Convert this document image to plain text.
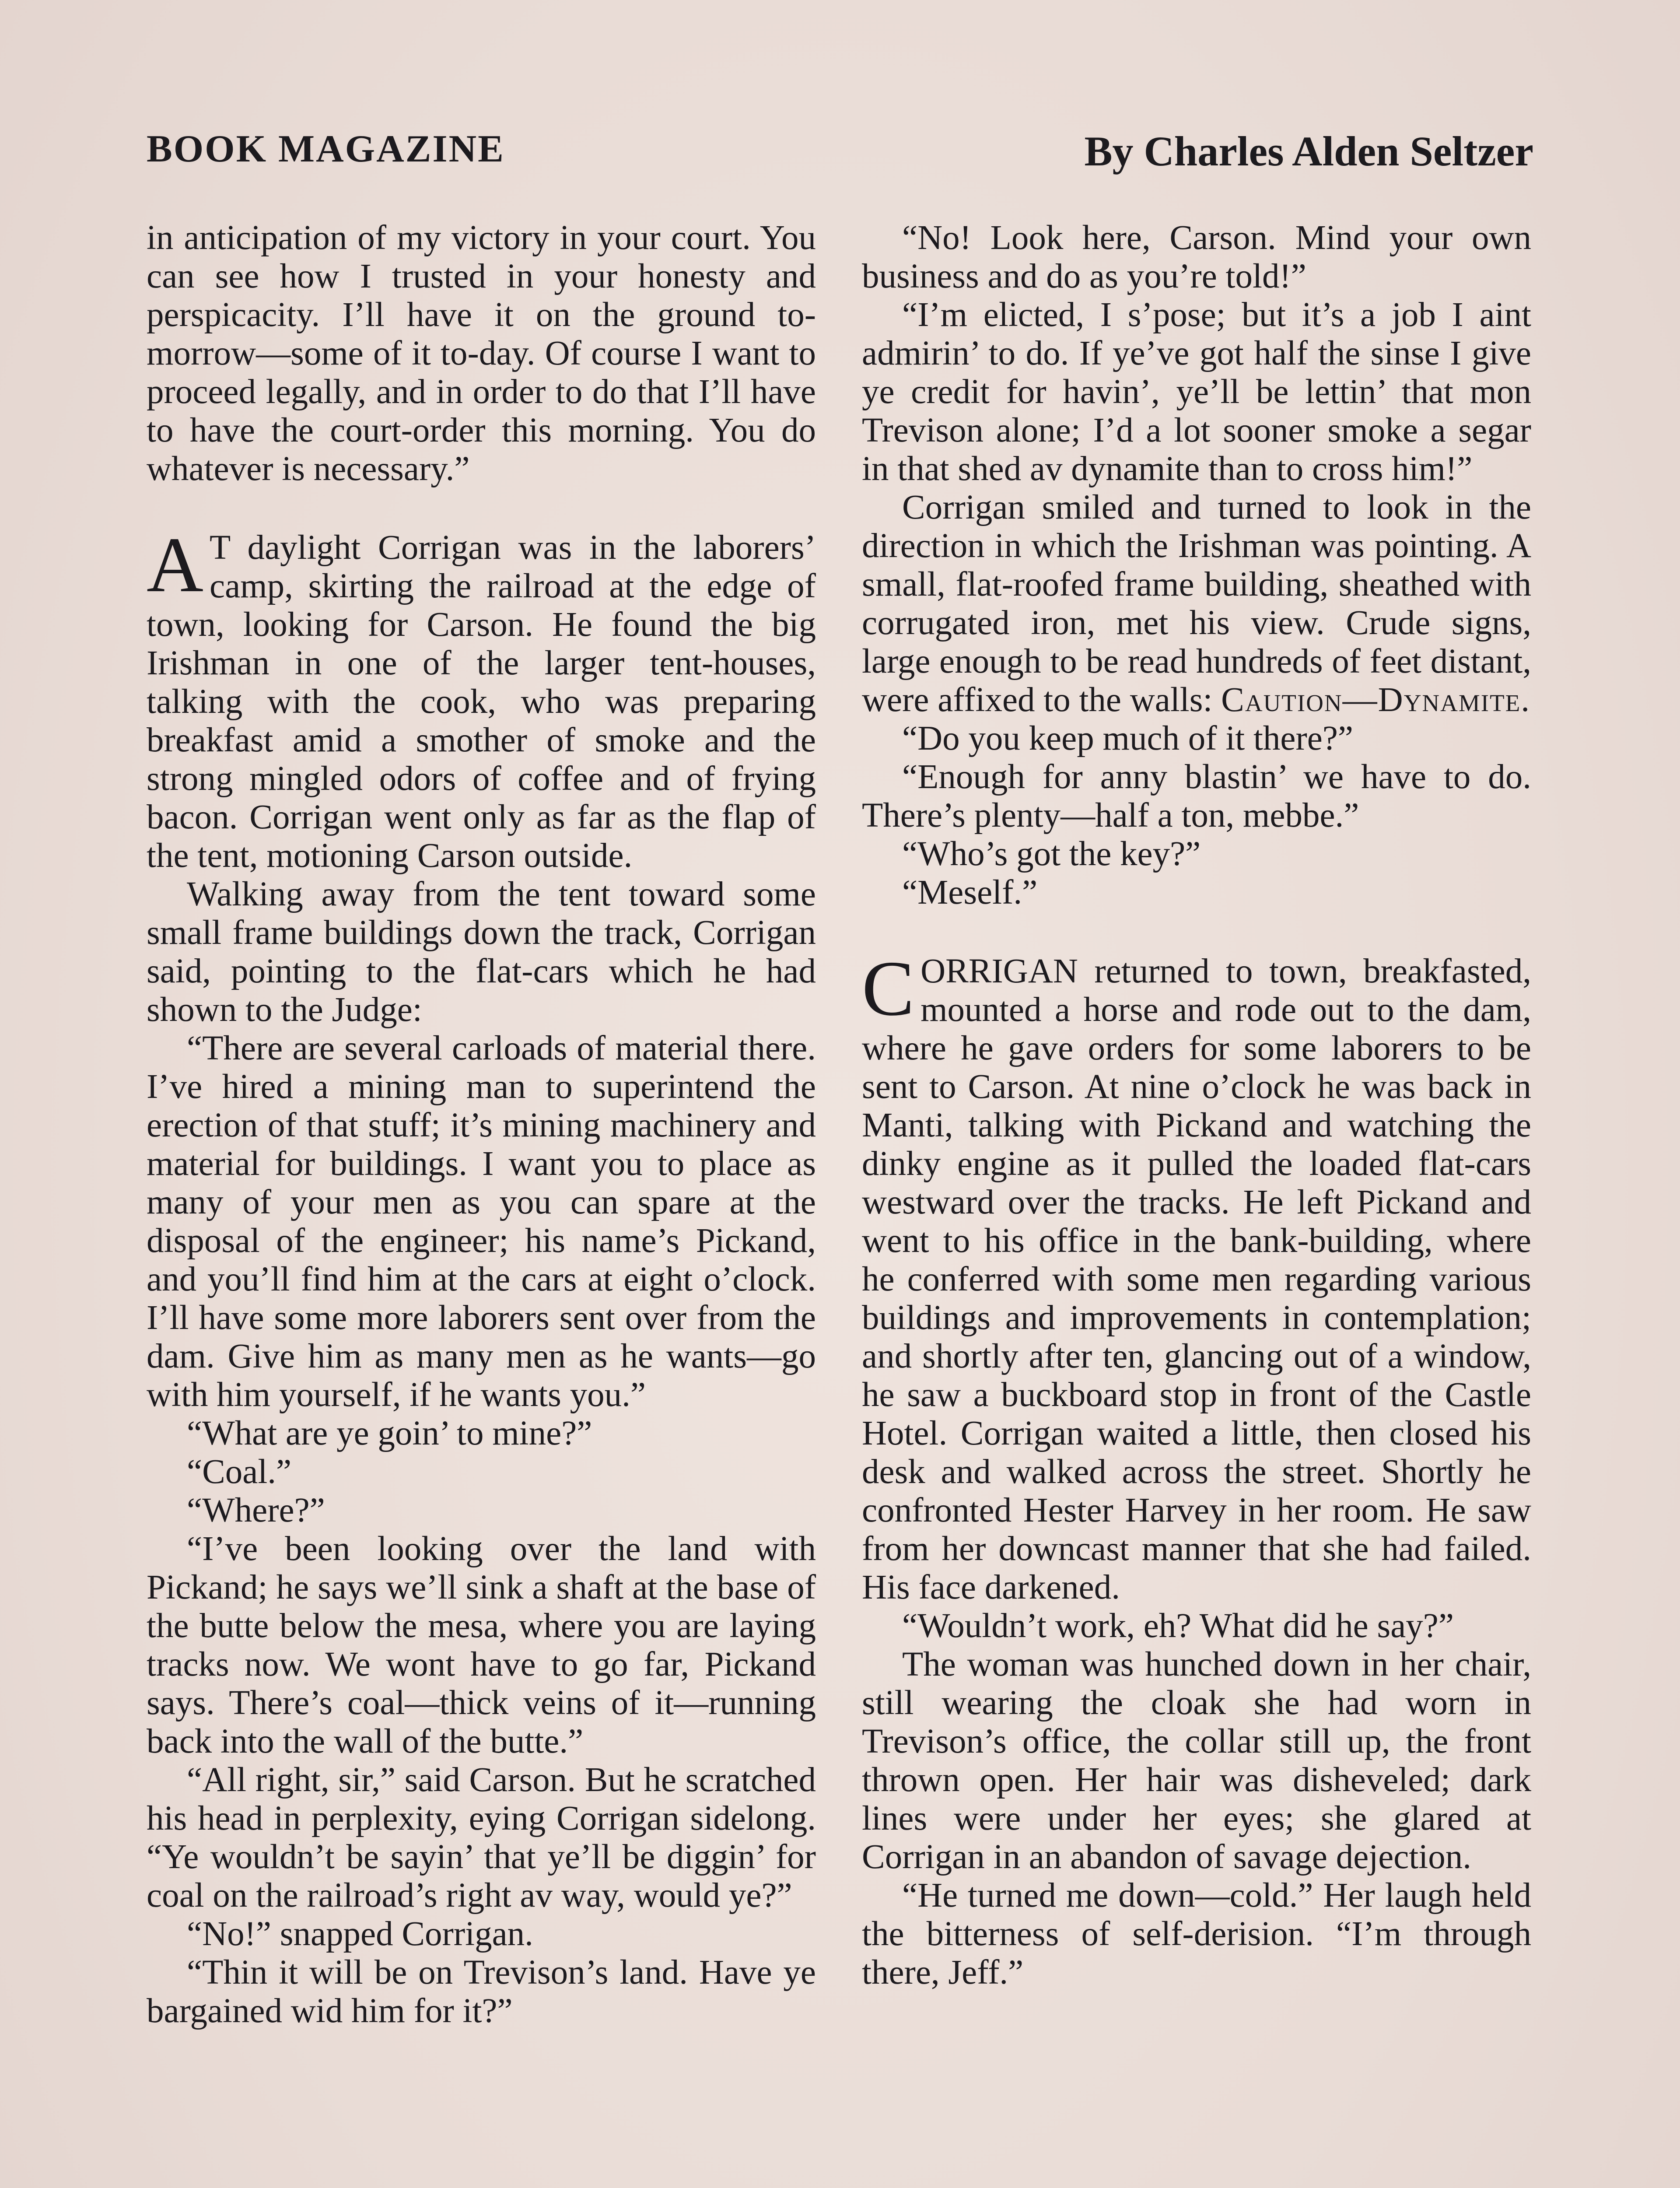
BOOK MAGAZINE	By Charles Alden Seltzer

in anticipation of my victory in your court. You can see how I trusted in your honesty and perspicacity. I’ll have it on the ground to-morrow—some of it to-day. Of course I want to proceed legally, and in order to do that I’ll have to have the court-order this morning. You do whatever is necessary.”

A T daylight Corrigan was in the laborers’ camp, skirting the railroad at the edge of town, looking for Carson. He found the big Irishman in one of the larger tent-houses, talking with the cook, who was preparing breakfast amid a smother of smoke and the strong mingled odors of coffee and of frying bacon. Corrigan went only as far as the flap of the tent, motioning Carson outside.

Walking away from the tent toward some small frame buildings down the track, Corrigan said, pointing to the flat-cars which he had shown to the Judge:

“There are several carloads of material there. I’ve hired a mining man to superintend the erection of that stuff; it’s mining machinery and material for buildings. I want you to place as many of your men as you can spare at the disposal of the engineer; his name’s Pickand, and you’ll find him at the cars at eight o’clock. I’ll have some more laborers sent over from the dam. Give him as many men as he wants—go with him yourself, if he wants you.”

“What are ye goin’ to mine?”

“Coal.”

“Where?”

“I’ve been looking over the land with Pickand; he says we’ll sink a shaft at the base of the butte below the mesa, where you are laying tracks now. We wont have to go far, Pickand says. There’s coal—thick veins of it—running back into the wall of the butte.”

“All right, sir,” said Carson. But he scratched his head in perplexity, eying Corrigan sidelong. “Ye wouldn’t be sayin’ that ye’ll be diggin’ for coal on the railroad’s right av way, would ye?”

“No!” snapped Corrigan.

“Thin it will be on Trevison’s land. Have ye bargained wid him for it?”

“No! Look here, Carson. Mind your own business and do as you’re told!”

“I’m elicted, I s’pose; but it’s a job I aint admirin’ to do. If ye’ve got half the sinse I give ye credit for havin’, ye’ll be lettin’ that mon Trevison alone; I’d a lot sooner smoke a segar in that shed av dynamite than to cross him!”

Corrigan smiled and turned to look in the direction in which the Irishman was pointing. A small, flat-roofed frame building, sheathed with corrugated iron, met his view. Crude signs, large enough to be read hundreds of feet distant, were affixed to the walls: Caution—Dynamite.

“Do you keep much of it there?”

“Enough for anny blastin’ we have to do. There’s plenty—half a ton, mebbe.”

“Who’s got the key?”

“Meself.”

CORRIGAN returned to town, breakfasted, mounted a horse and rode out to the dam, where he gave orders for some laborers to be sent to Carson. At nine o’clock he was back in Manti, talking with Pickand and watching the dinky engine as it pulled the loaded flat-cars westward over the tracks. He left Pickand and went to his office in the bank-building, where he conferred with some men regarding various buildings and improvements in contemplation; and shortly after ten, glancing out of a window, he saw a buckboard stop in front of the Castle Hotel. Corrigan waited a little, then closed his desk and walked across the street. Shortly he confronted Hester Harvey in her room. He saw from her downcast manner that she had failed. His face darkened.

“Wouldn’t work, eh? What did he say?”

The woman was hunched down in her chair, still wearing the cloak she had worn in Trevison’s office, the collar still up, the front thrown open. Her hair was disheveled; dark lines were under her eyes; she glared at Corrigan in an abandon of savage dejection.

“He turned me down—cold.” Her laugh held the bitterness of self-derision. “I’m through there, Jeff.”
